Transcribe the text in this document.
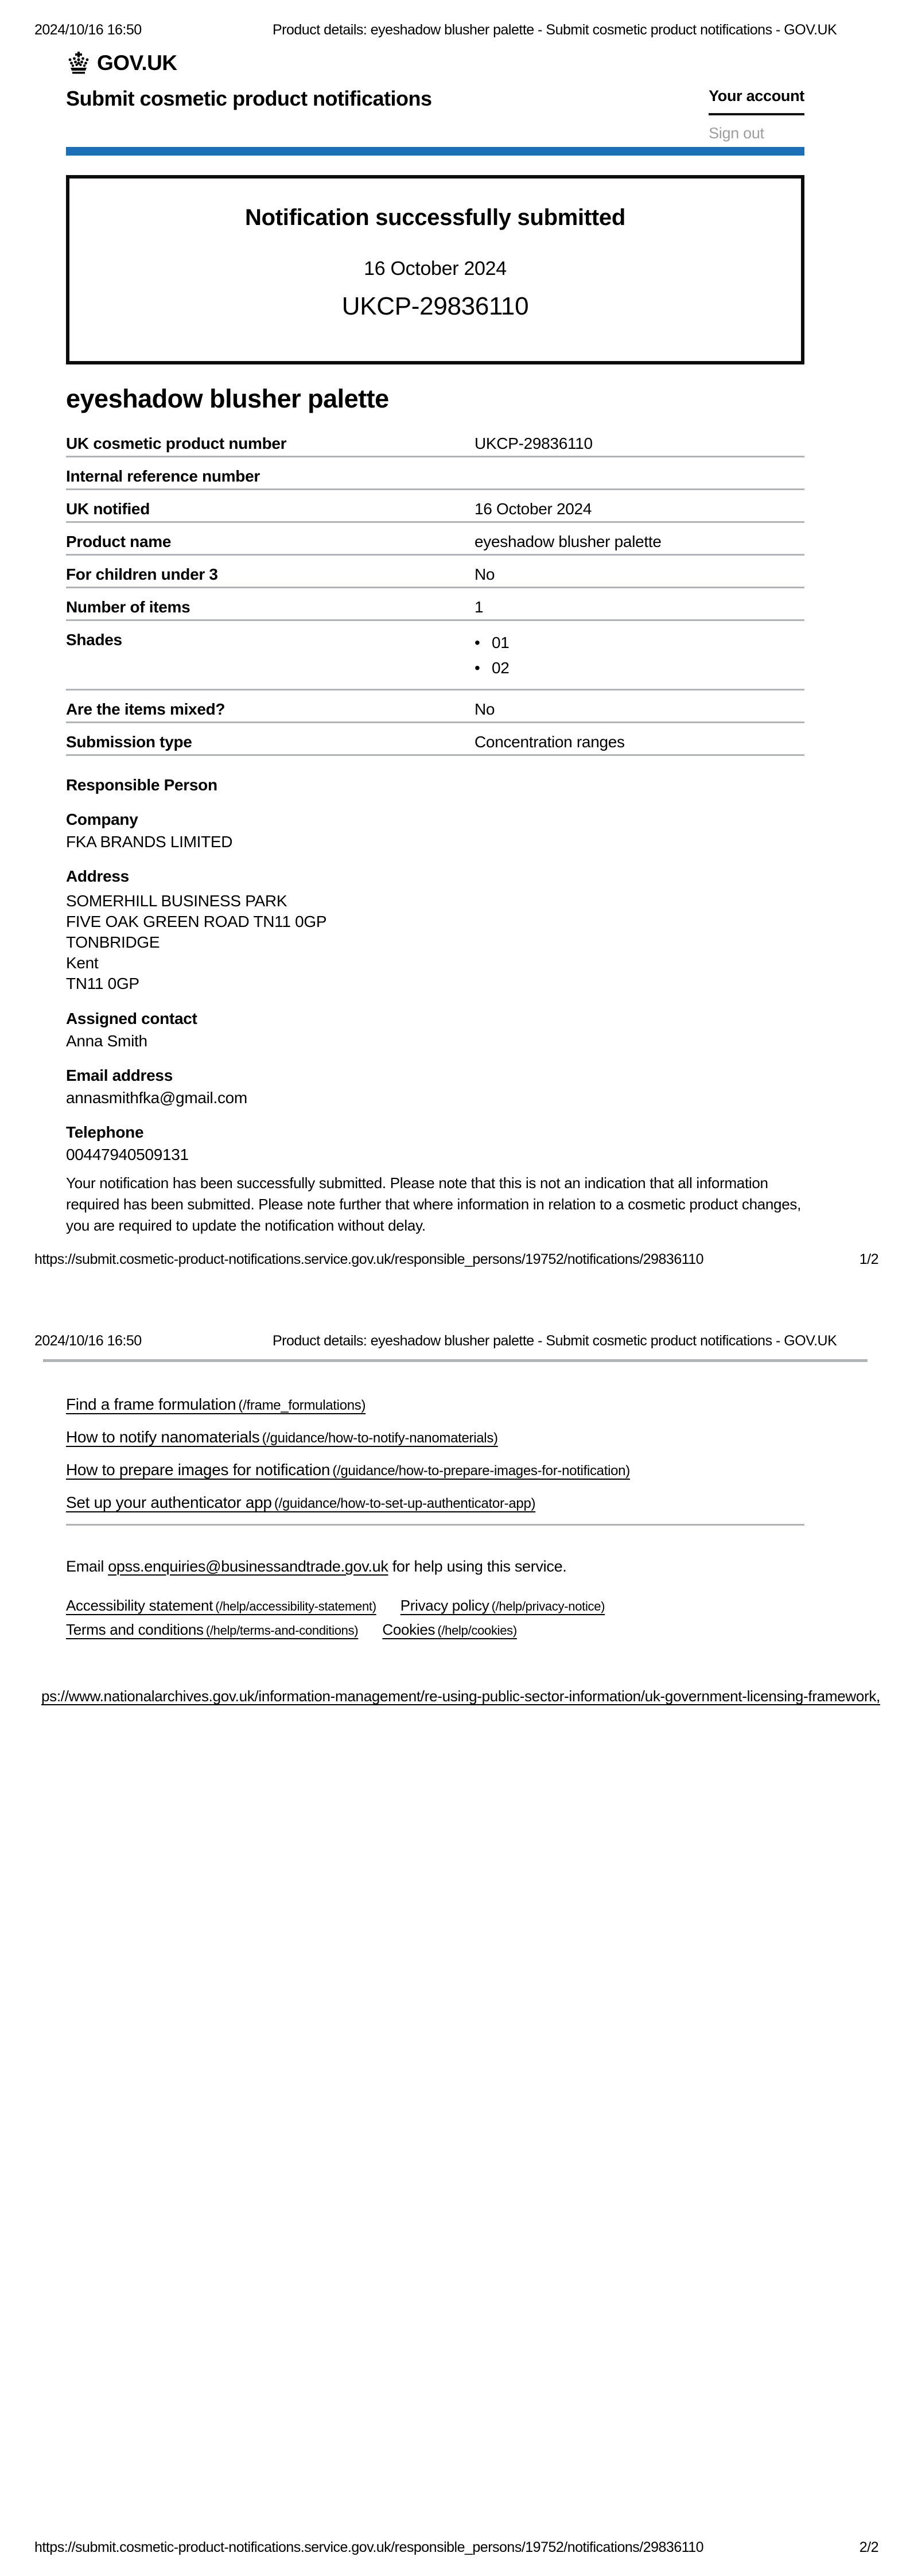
2024/10/16 16:50	Product details: eyeshadow blusher palette - Submit cosmetic product notifications - GOV.UK
GOV.UK
Submit cosmetic product notifications	Your account
Sign out
Notification successfully submitted
16 October 2024
UKCP-29836110
eyeshadow blusher palette
UK cosmetic product number	UKCP-29836110
Internal reference number
UK notified	16 October 2024
Product name	eyeshadow blusher palette
For children under 3	No
Number of items	1
Shades	• 01
• 02
Are the items mixed?	No
Submission type	Concentration ranges
Responsible Person
Company
FKA BRANDS LIMITED
Address
SOMERHILL BUSINESS PARK
FIVE OAK GREEN ROAD TN11 0GP
TONBRIDGE
Kent
TN11 0GP
Assigned contact
Anna Smith
Email address
annasmithfka@gmail.com
Telephone
00447940509131
Your notification has been successfully submitted. Please note that this is not an indication that all information required has been submitted. Please note further that where information in relation to a cosmetic product changes, you are required to update the notification without delay.
https://submit.cosmetic-product-notifications.service.gov.uk/responsible_persons/19752/notifications/29836110	1/2
2024/10/16 16:50	Product details: eyeshadow blusher palette - Submit cosmetic product notifications - GOV.UK
Find a frame formulation (/frame_formulations)
How to notify nanomaterials (/guidance/how-to-notify-nanomaterials)
How to prepare images for notification (/guidance/how-to-prepare-images-for-notification)
Set up your authenticator app (/guidance/how-to-set-up-authenticator-app)
Email opss.enquiries@businessandtrade.gov.uk for help using this service.
Accessibility statement (/help/accessibility-statement) Privacy policy (/help/privacy-notice)
Terms and conditions (/help/terms-and-conditions) Cookies (/help/cookies)
ps://www.nationalarchives.gov.uk/information-management/re-using-public-sector-information/uk-government-licensing-framework,
https://submit.cosmetic-product-notifications.service.gov.uk/responsible_persons/19752/notifications/29836110	2/2
